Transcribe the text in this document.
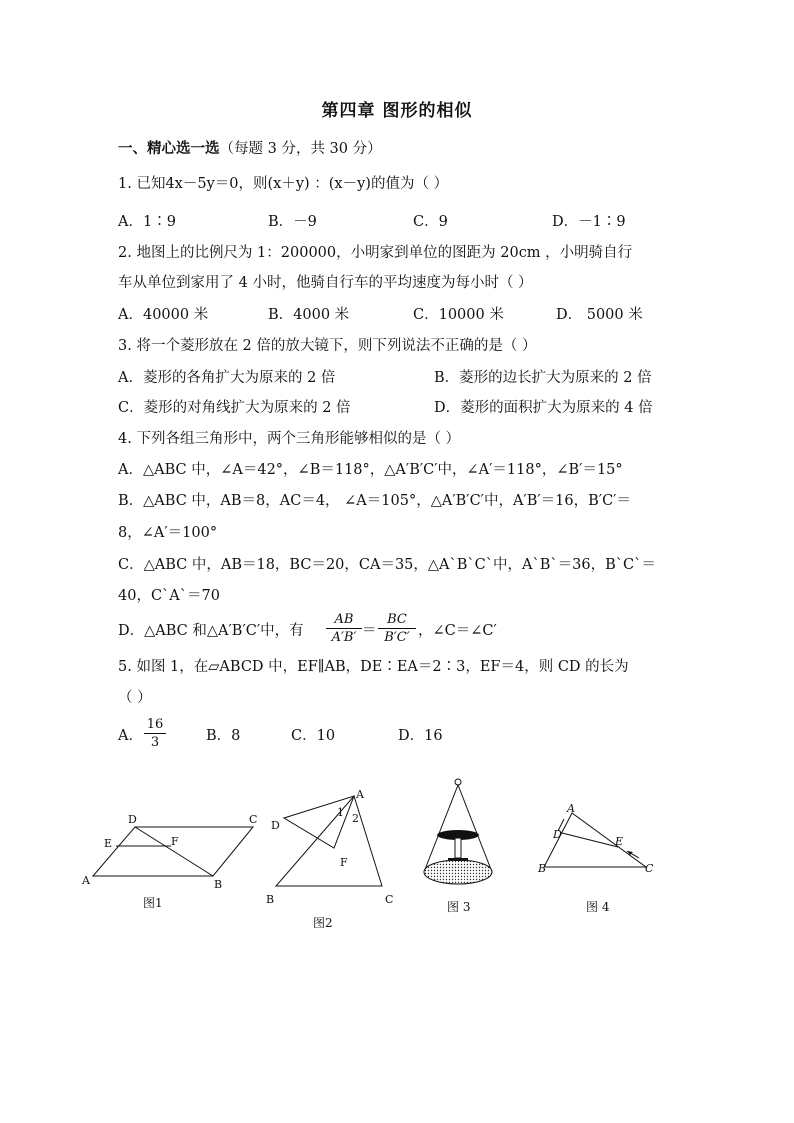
第四章 图形的相似
一、精心选一选（每题 3 分，共 30 分）
1. 已知4x－5y＝0，则(x＋y) ：(x－y)的值为（ ）
A．1∶9	B．－9	C．9	D．－1∶9
2. 地图上的比例尺为 1：200000，小明家到单位的图距为 20cm ，小明骑自行
车从单位到家用了 4 小时，他骑自行车的平均速度为每小时（ ）
A．40000 米	B．4000 米	C．10000 米	D． 5000 米
3. 将一个菱形放在 2 倍的放大镜下，则下列说法不正确的是（ ）
A．菱形的各角扩大为原来的 2 倍	B．菱形的边长扩大为原来的 2 倍
C．菱形的对角线扩大为原来的 2 倍	D．菱形的面积扩大为原来的 4 倍
4. 下列各组三角形中，两个三角形能够相似的是（ ）
A．△ABC 中，∠A＝42°，∠B＝118°，△A′B′C′中，∠A′＝118°，∠B′＝15°
B．△ABC 中，AB＝8，AC＝4， ∠A＝105°，△A′B′C′中，A′B′＝16，B′C′＝
8，∠A′＝100°
C．△ABC 中，AB＝18，BC＝20，CA＝35，△A`B`C`中，A`B`＝36，B`C`＝
40，C`A`＝70
D．△ABC 和△A′B′C′中，有 $\frac{AB}{A'B'} = \frac{BC}{B'C'}$ ，∠C＝∠C′
5. 如图 1，在▱ABCD 中，EF∥AB，DE∶EA＝2∶3，EF＝4，则 CD 的长为
（ ）
A． $\frac{16}{3}$	B．8	C．10	D．16
D	C
E	F
A	B
图1
A
1 2
D
F
B	C
图2
图 3
A
D
E
B	C
图 4
